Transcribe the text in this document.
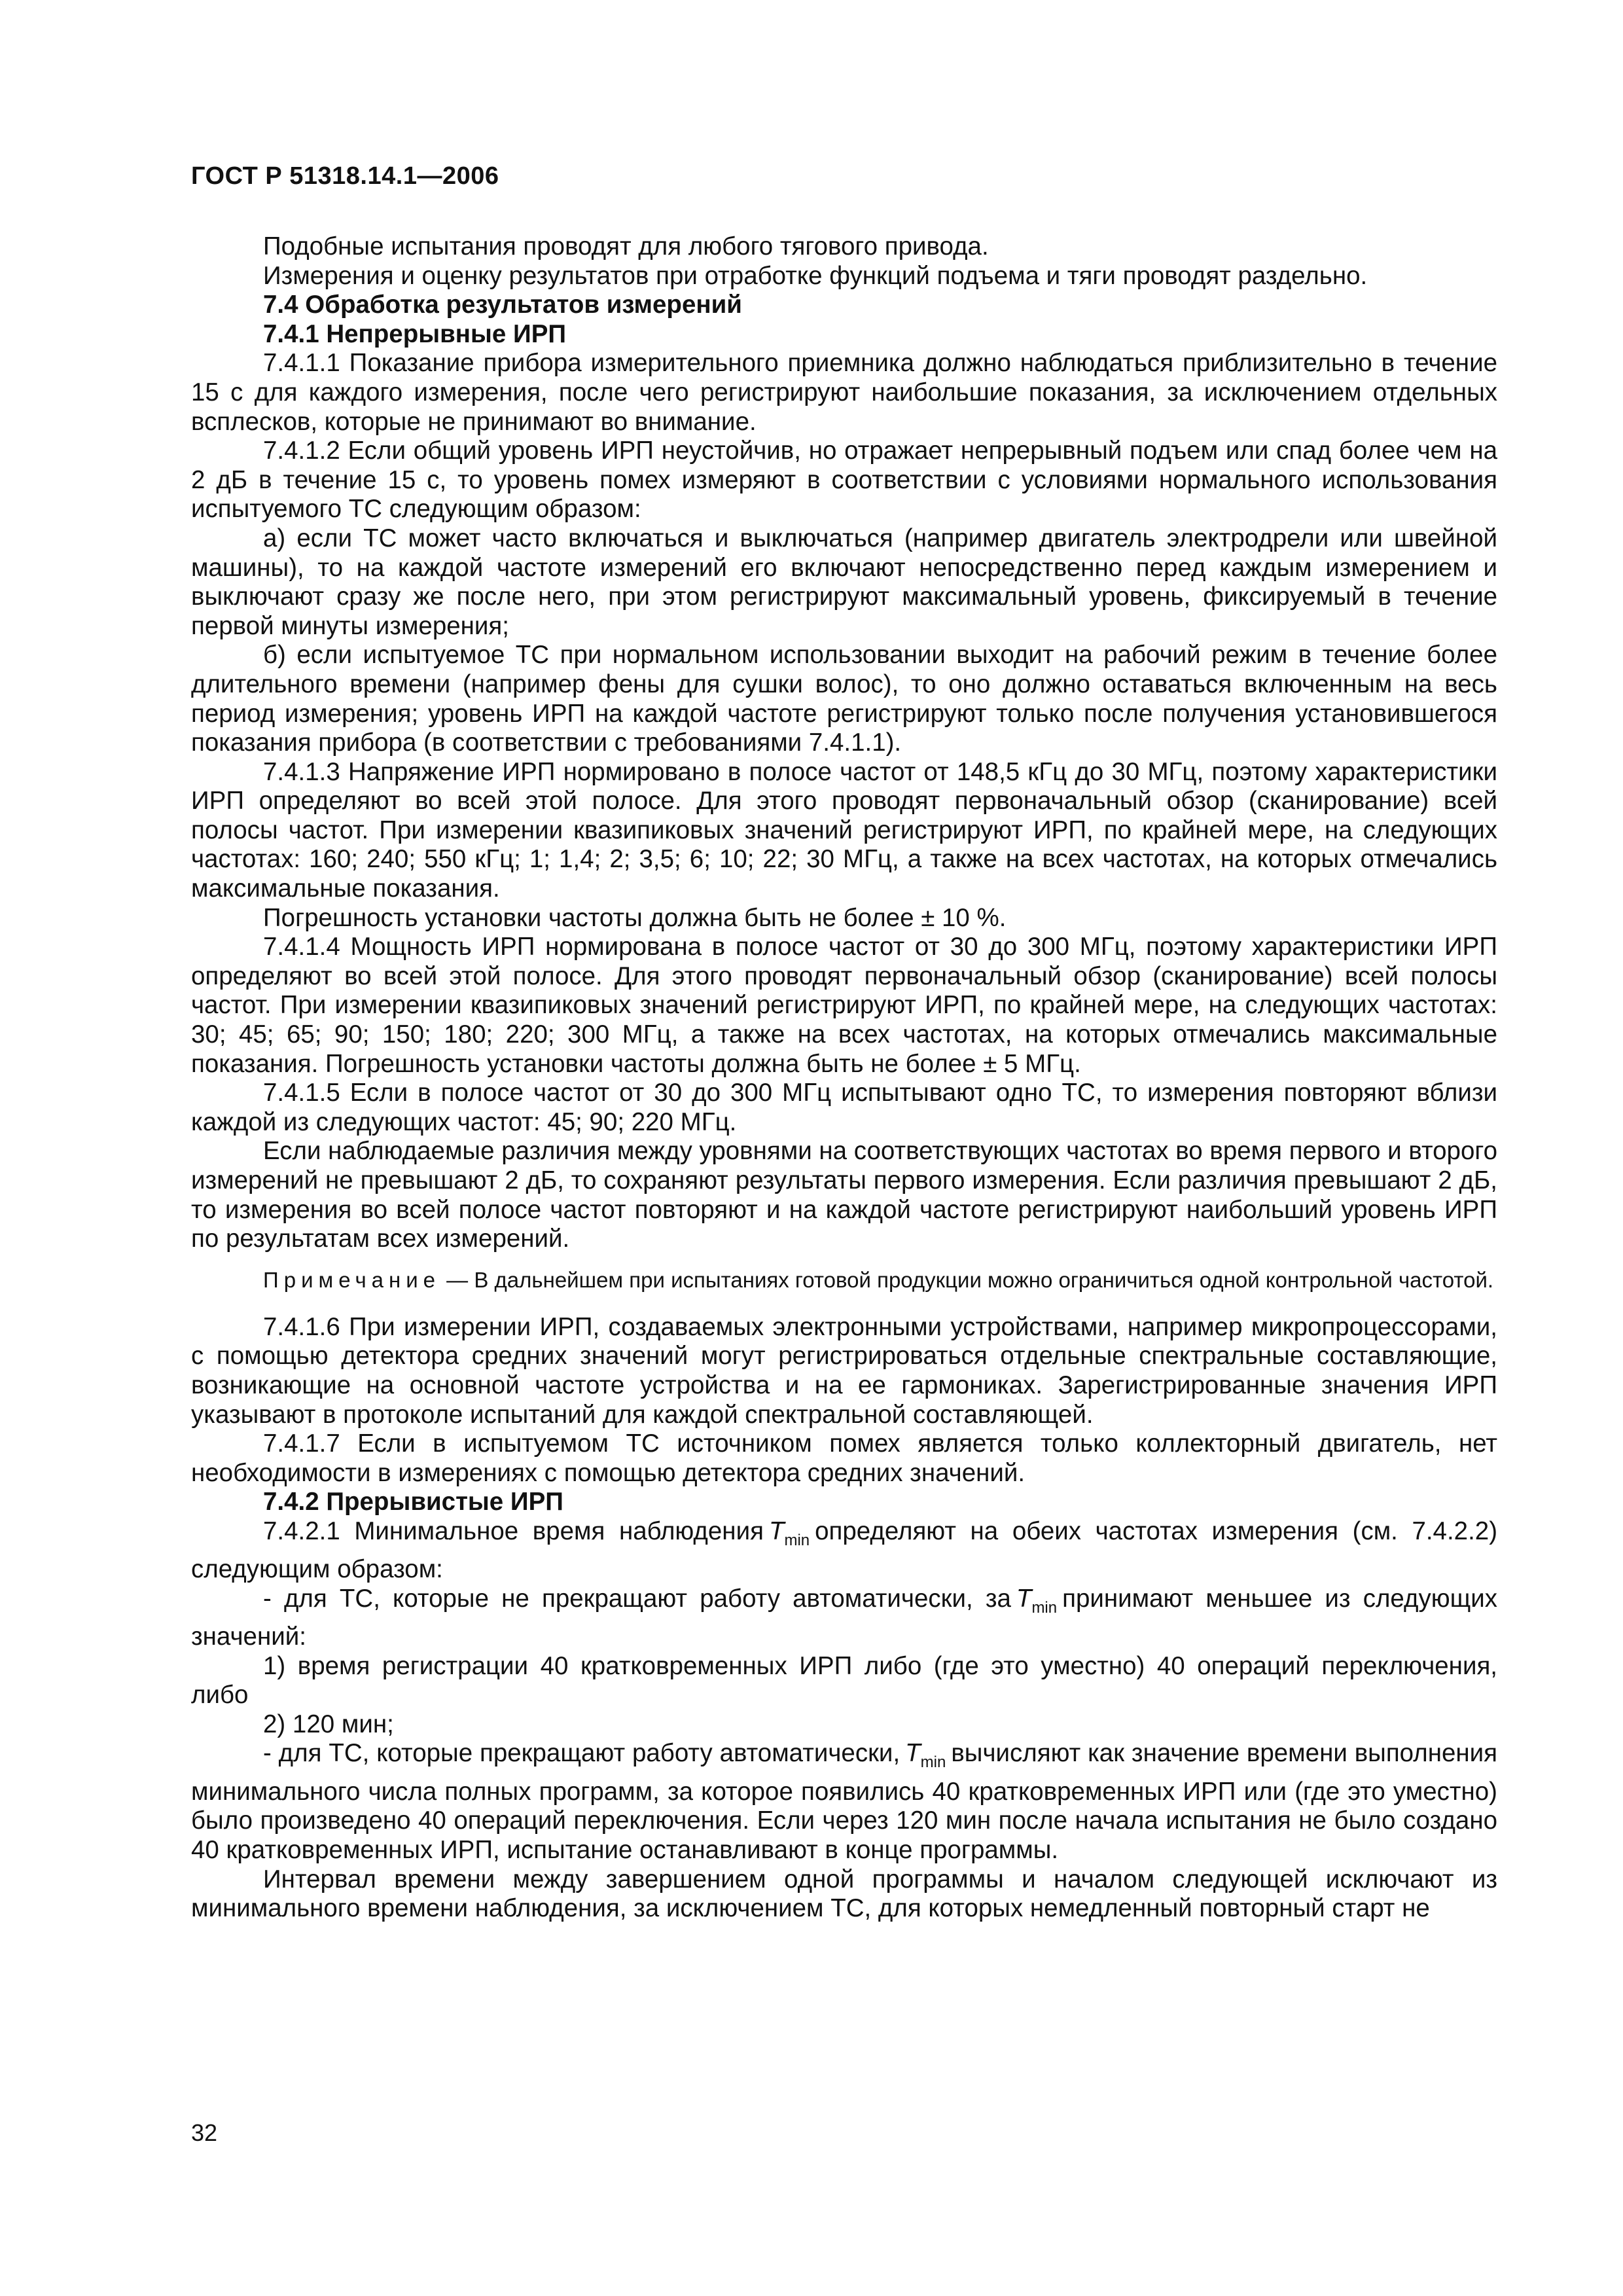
ГОСТ Р 51318.14.1—2006

Подобные испытания проводят для любого тягового привода.

Измерения и оценку результатов при отработке функций подъема и тяги проводят раздельно.

7.4 Обработка результатов измерений

7.4.1 Непрерывные ИРП

7.4.1.1 Показание прибора измерительного приемника должно наблюдаться приблизительно в течение 15 с для каждого измерения, после чего регистрируют наибольшие показания, за исключением отдельных всплесков, которые не принимают во внимание.

7.4.1.2 Если общий уровень ИРП неустойчив, но отражает непрерывный подъем или спад более чем на 2 дБ в течение 15 с, то уровень помех измеряют в соответствии с условиями нормального использования испытуемого ТС следующим образом:

а) если ТС может часто включаться и выключаться (например двигатель электродрели или швейной машины), то на каждой частоте измерений его включают непосредственно перед каждым измерением и выключают сразу же после него, при этом регистрируют максимальный уровень, фиксируемый в течение первой минуты измерения;

б) если испытуемое ТС при нормальном использовании выходит на рабочий режим в течение более длительного времени (например фены для сушки волос), то оно должно оставаться включенным на весь период измерения; уровень ИРП на каждой частоте регистрируют только после получения установившегося показания прибора (в соответствии с требованиями 7.4.1.1).

7.4.1.3 Напряжение ИРП нормировано в полосе частот от 148,5 кГц до 30 МГц, поэтому характеристики ИРП определяют во всей этой полосе. Для этого проводят первоначальный обзор (сканирование) всей полосы частот. При измерении квазипиковых значений регистрируют ИРП, по крайней мере, на следующих частотах: 160; 240; 550 кГц; 1; 1,4; 2; 3,5; 6; 10; 22; 30 МГц, а также на всех частотах, на которых отмечались максимальные показания.

Погрешность установки частоты должна быть не более ± 10 %.

7.4.1.4 Мощность ИРП нормирована в полосе частот от 30 до 300 МГц, поэтому характеристики ИРП определяют во всей этой полосе. Для этого проводят первоначальный обзор (сканирование) всей полосы частот. При измерении квазипиковых значений регистрируют ИРП, по крайней мере, на следующих частотах: 30; 45; 65; 90; 150; 180; 220; 300 МГц, а также на всех частотах, на которых отмечались максимальные показания. Погрешность установки частоты должна быть не более ± 5 МГц.

7.4.1.5 Если в полосе частот от 30 до 300 МГц испытывают одно ТС, то измерения повторяют вблизи каждой из следующих частот: 45; 90; 220 МГц.

Если наблюдаемые различия между уровнями на соответствующих частотах во время первого и второго измерений не превышают 2 дБ, то сохраняют результаты первого измерения. Если различия превышают 2 дБ, то измерения во всей полосе частот повторяют и на каждой частоте регистрируют наибольший уровень ИРП по результатам всех измерений.

Примечание — В дальнейшем при испытаниях готовой продукции можно ограничиться одной контрольной частотой.

7.4.1.6 При измерении ИРП, создаваемых электронными устройствами, например микропроцессорами, с помощью детектора средних значений могут регистрироваться отдельные спектральные составляющие, возникающие на основной частоте устройства и на ее гармониках. Зарегистрированные значения ИРП указывают в протоколе испытаний для каждой спектральной составляющей.

7.4.1.7 Если в испытуемом ТС источником помех является только коллекторный двигатель, нет необходимости в измерениях с помощью детектора средних значений.

7.4.2 Прерывистые ИРП

7.4.2.1 Минимальное время наблюдения $T_{min}$ определяют на обеих частотах измерения (см. 7.4.2.2) следующим образом:

- для ТС, которые не прекращают работу автоматически, за $T_{min}$ принимают меньшее из следующих значений:

1) время регистрации 40 кратковременных ИРП либо (где это уместно) 40 операций переключения, либо

2) 120 мин;

- для ТС, которые прекращают работу автоматически, $T_{min}$ вычисляют как значение времени выполнения минимального числа полных программ, за которое появились 40 кратковременных ИРП или (где это уместно) было произведено 40 операций переключения. Если через 120 мин после начала испытания не было создано 40 кратковременных ИРП, испытание останавливают в конце программы.

Интервал времени между завершением одной программы и началом следующей исключают из минимального времени наблюдения, за исключением ТС, для которых немедленный повторный старт не

32
